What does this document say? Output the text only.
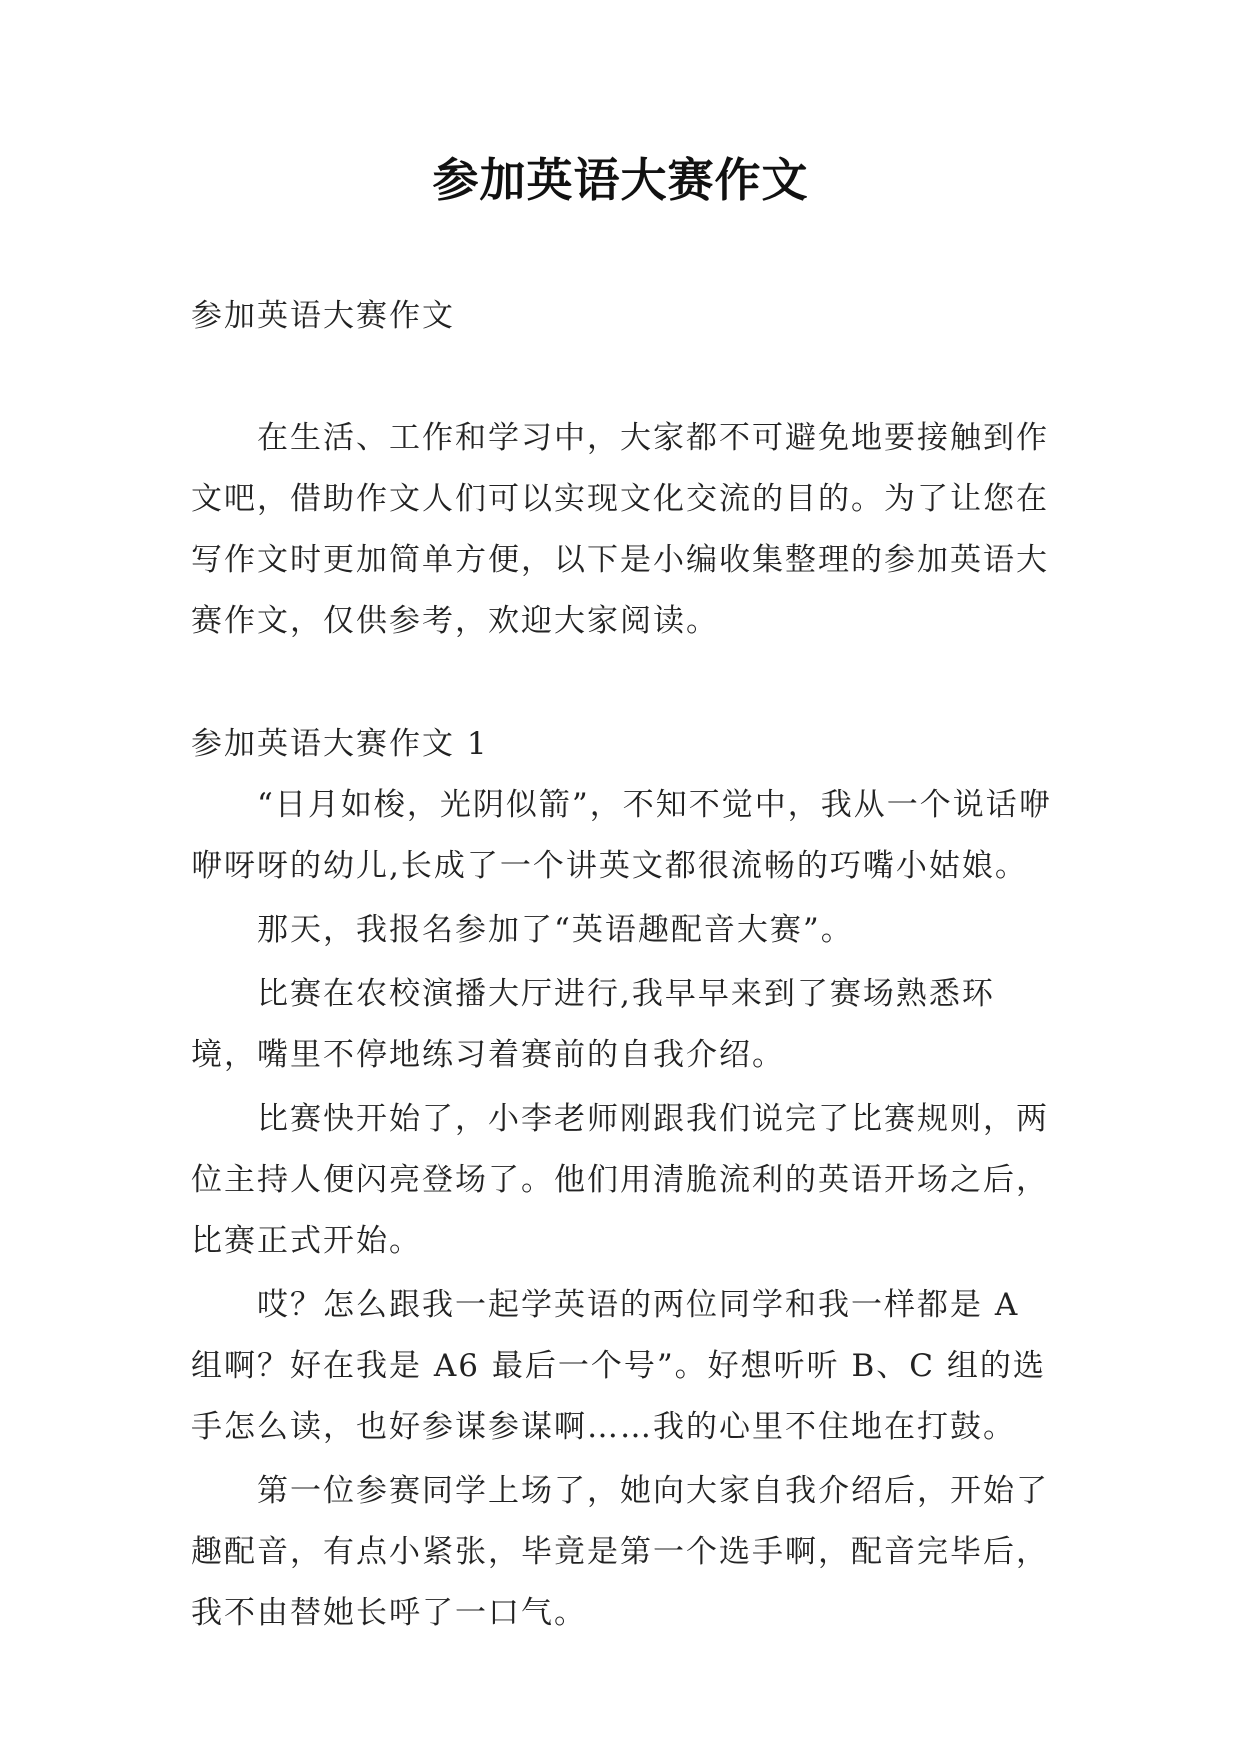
参加英语大赛作文

参加英语大赛作文

在生活、工作和学习中，大家都不可避免地要接触到作文吧，借助作文人们可以实现文化交流的目的。为了让您在写作文时更加简单方便，以下是小编收集整理的参加英语大赛作文，仅供参考，欢迎大家阅读。

参加英语大赛作文 1

“日月如梭，光阴似箭”，不知不觉中，我从一个说话咿咿呀呀的幼儿,长成了一个讲英文都很流畅的巧嘴小姑娘。

那天，我报名参加了“英语趣配音大赛”。

比赛在农校演播大厅进行,我早早来到了赛场熟悉环境，嘴里不停地练习着赛前的自我介绍。

比赛快开始了，小李老师刚跟我们说完了比赛规则，两位主持人便闪亮登场了。他们用清脆流利的英语开场之后，比赛正式开始。

哎？怎么跟我一起学英语的两位同学和我一样都是 A 组啊？好在我是 A6 最后一个号”。好想听听 B、C 组的选手怎么读，也好参谋参谋啊……我的心里不住地在打鼓。

第一位参赛同学上场了，她向大家自我介绍后，开始了趣配音，有点小紧张，毕竟是第一个选手啊，配音完毕后，我不由替她长呼了一口气。
